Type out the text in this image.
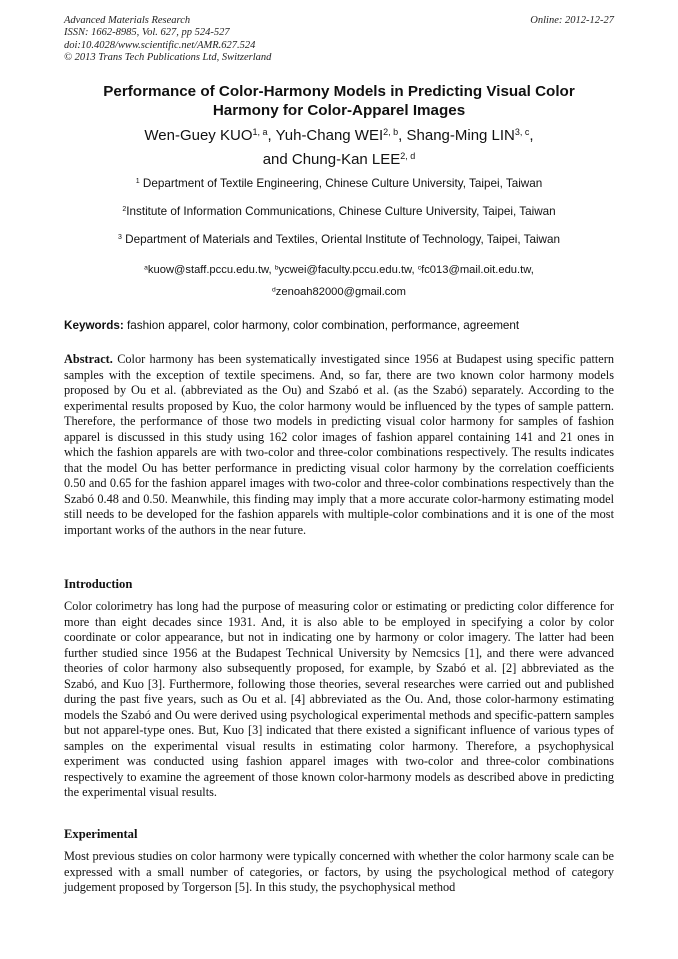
Advanced Materials Research
ISSN: 1662-8985, Vol. 627, pp 524-527
doi:10.4028/www.scientific.net/AMR.627.524
© 2013 Trans Tech Publications Ltd, Switzerland
Online: 2012-12-27
Performance of Color-Harmony Models in Predicting Visual Color
Harmony for Color-Apparel Images
Wen-Guey KUO$^{1, a}$, Yuh-Chang WEI$^{2, b}$, Shang-Ming LIN$^{3, c}$,
and Chung-Kan LEE$^{2, d}$
$^1$ Department of Textile Engineering, Chinese Culture University, Taipei, Taiwan
$^2$Institute of Information Communications, Chinese Culture University, Taipei, Taiwan
$^3$ Department of Materials and Textiles, Oriental Institute of Technology, Taipei, Taiwan
$^a$kuow@staff.pccu.edu.tw, $^b$ycwei@faculty.pccu.edu.tw, $^c$fc013@mail.oit.edu.tw,
$^d$zenoah82000@gmail.com
Keywords: fashion apparel, color harmony, color combination, performance, agreement
Abstract. Color harmony has been systematically investigated since 1956 at Budapest using specific pattern samples with the exception of textile specimens. And, so far, there are two known color harmony models proposed by Ou et al. (abbreviated as the Ou) and Szabó et al. (as the Szabó) separately. According to the experimental results proposed by Kuo, the color harmony would be influenced by the types of sample pattern. Therefore, the performance of those two models in predicting visual color harmony for samples of fashion apparel is discussed in this study using 162 color images of fashion apparel containing 141 and 21 ones in which the fashion apparels are with two-color and three-color combinations respectively. The results indicates that the model Ou has better performance in predicting visual color harmony by the correlation coefficients 0.50 and 0.65 for the fashion apparel images with two-color and three-color combinations respectively than the Szabó 0.48 and 0.50. Meanwhile, this finding may imply that a more accurate color-harmony estimating model still needs to be developed for the fashion apparels with multiple-color combinations and it is one of the most important works of the authors in the near future.
Introduction
Color colorimetry has long had the purpose of measuring color or estimating or predicting color difference for more than eight decades since 1931. And, it is also able to be employed in specifying a color by color coordinate or color appearance, but not in indicating one by harmony or color imagery. The latter had been further studied since 1956 at the Budapest Technical University by Nemcsics [1], and there were advanced theories of color harmony also subsequently proposed, for example, by Szabó et al. [2] abbreviated as the Szabó, and Kuo [3]. Furthermore, following those theories, several researches were carried out and published during the past five years, such as Ou et al. [4] abbreviated as the Ou. And, those color-harmony estimating models the Szabó and Ou were derived using psychological experimental methods and specific-pattern samples but not apparel-type ones. But, Kuo [3] indicated that there existed a significant influence of various types of samples on the experimental visual results in estimating color harmony. Therefore, a psychophysical experiment was conducted using fashion apparel images with two-color and three-color combinations respectively to examine the agreement of those known color-harmony models as described above in predicting the experimental visual results.
Experimental
Most previous studies on color harmony were typically concerned with whether the color harmony scale can be expressed with a small number of categories, or factors, by using the psychological method of category judgement proposed by Torgerson [5]. In this study, the psychophysical method
